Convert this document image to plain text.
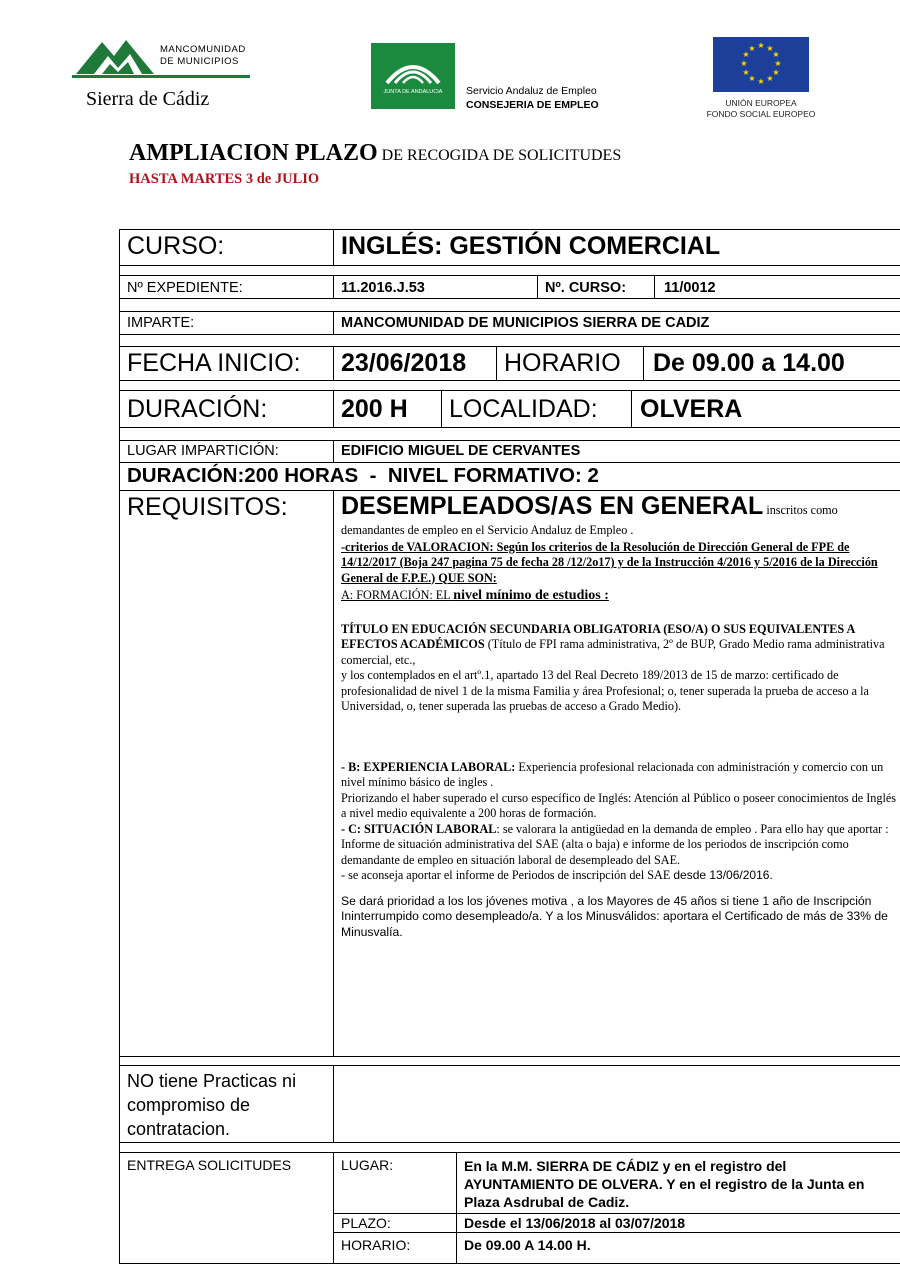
MANCOMUNIDAD
DE MUNICIPIOS
Sierra de Cádiz	JUNTA DE ANDALUCIA	Servicio Andaluz de Empleo
CONSEJERIA DE EMPLEO
★ ★
★
★
★
★
★
★
★
★
★
★
UNIÓN EUROPEA
FONDO SOCIAL EUROPEO
AMPLIACION PLAZO DE RECOGIDA DE SOLICITUDES
HASTA MARTES 3 de JULIO
CURSO:	INGLÉS: GESTIÓN COMERCIAL
Nº EXPEDIENTE:	11.2016.J.53	Nº. CURSO:	11/0012
IMPARTE:	MANCOMUNIDAD DE MUNICIPIOS SIERRA DE CADIZ
FECHA INICIO: 23/06/2018 HORARIO De 09.00 a 14.00
DURACIÓN:	200 H LOCALIDAD: OLVERA
LUGAR IMPARTICIÓN:	EDIFICIO MIGUEL DE CERVANTES
DURACIÓN:200 HORAS  -  NIVEL FORMATIVO: 2
REQUISITOS: DESEMPLEADOS/AS EN GENERAL inscritos como

demandantes de empleo en el Servicio Andaluz de Empleo .

-criterios de VALORACION: Según los criterios de la Resolución de Dirección General de FPE de 14/12/2017 (Boja 247 pagina 75 de fecha 28 /12/2o17) y de la Instrucción 4/2016 y 5/2016 de la Dirección General de F.P.E.) QUE SON:

A: FORMACIÓN: EL nivel mínimo de estudios :

TÍTULO EN EDUCACIÓN SECUNDARIA OBLIGATORIA (ESO/A) O SUS EQUIVALENTES A

EFECTOS ACADÉMICOS (Título de FPI rama administrativa, 2º de BUP, Grado Medio rama administrativa comercial, etc.,

y los contemplados en el artº.1, apartado 13 del Real Decreto 189/2013 de 15 de marzo: certificado de profesionalidad de nivel 1 de la misma Familia y área Profesional; o, tener superada la prueba de acceso a la Universidad, o, tener superada las pruebas de acceso a Grado Medio).

- B: EXPERIENCIA LABORAL: Experiencia profesional relacionada con administración y comercio con un nivel mínimo básico de ingles .

Priorizando el haber superado el curso específico de Inglés: Atención al Público o poseer conocimientos de Inglés a nivel medio equivalente a 200 horas de formación.

- C: SITUACIÓN LABORAL: se valorara la antigüedad en la demanda de empleo . Para ello hay que aportar : Informe de situación administrativa del SAE (alta o baja) e informe de los periodos de inscripción como demandante de empleo en situación laboral de desempleado del SAE.

- se aconseja aportar el informe de Periodos de inscripción del SAE desde 13/06/2016.

Se dará prioridad a los los jóvenes motiva , a los Mayores de 45 años si tiene 1 año de Inscripción Ininterrumpido como desempleado/a. Y a los Minusválidos: aportara el Certificado de más de 33% de Minusvalía.

NO tiene Practicas ni compromiso de contratacion.
ENTREGA SOLICITUDES	LUGAR:	En la M.M. SIERRA DE CÁDIZ y en el registro del AYUNTAMIENTO DE OLVERA. Y en el registro de la Junta en Plaza Asdrubal de Cadiz.
PLAZO:	Desde el 13/06/2018 al 03/07/2018
HORARIO:	De 09.00 A 14.00 H.
